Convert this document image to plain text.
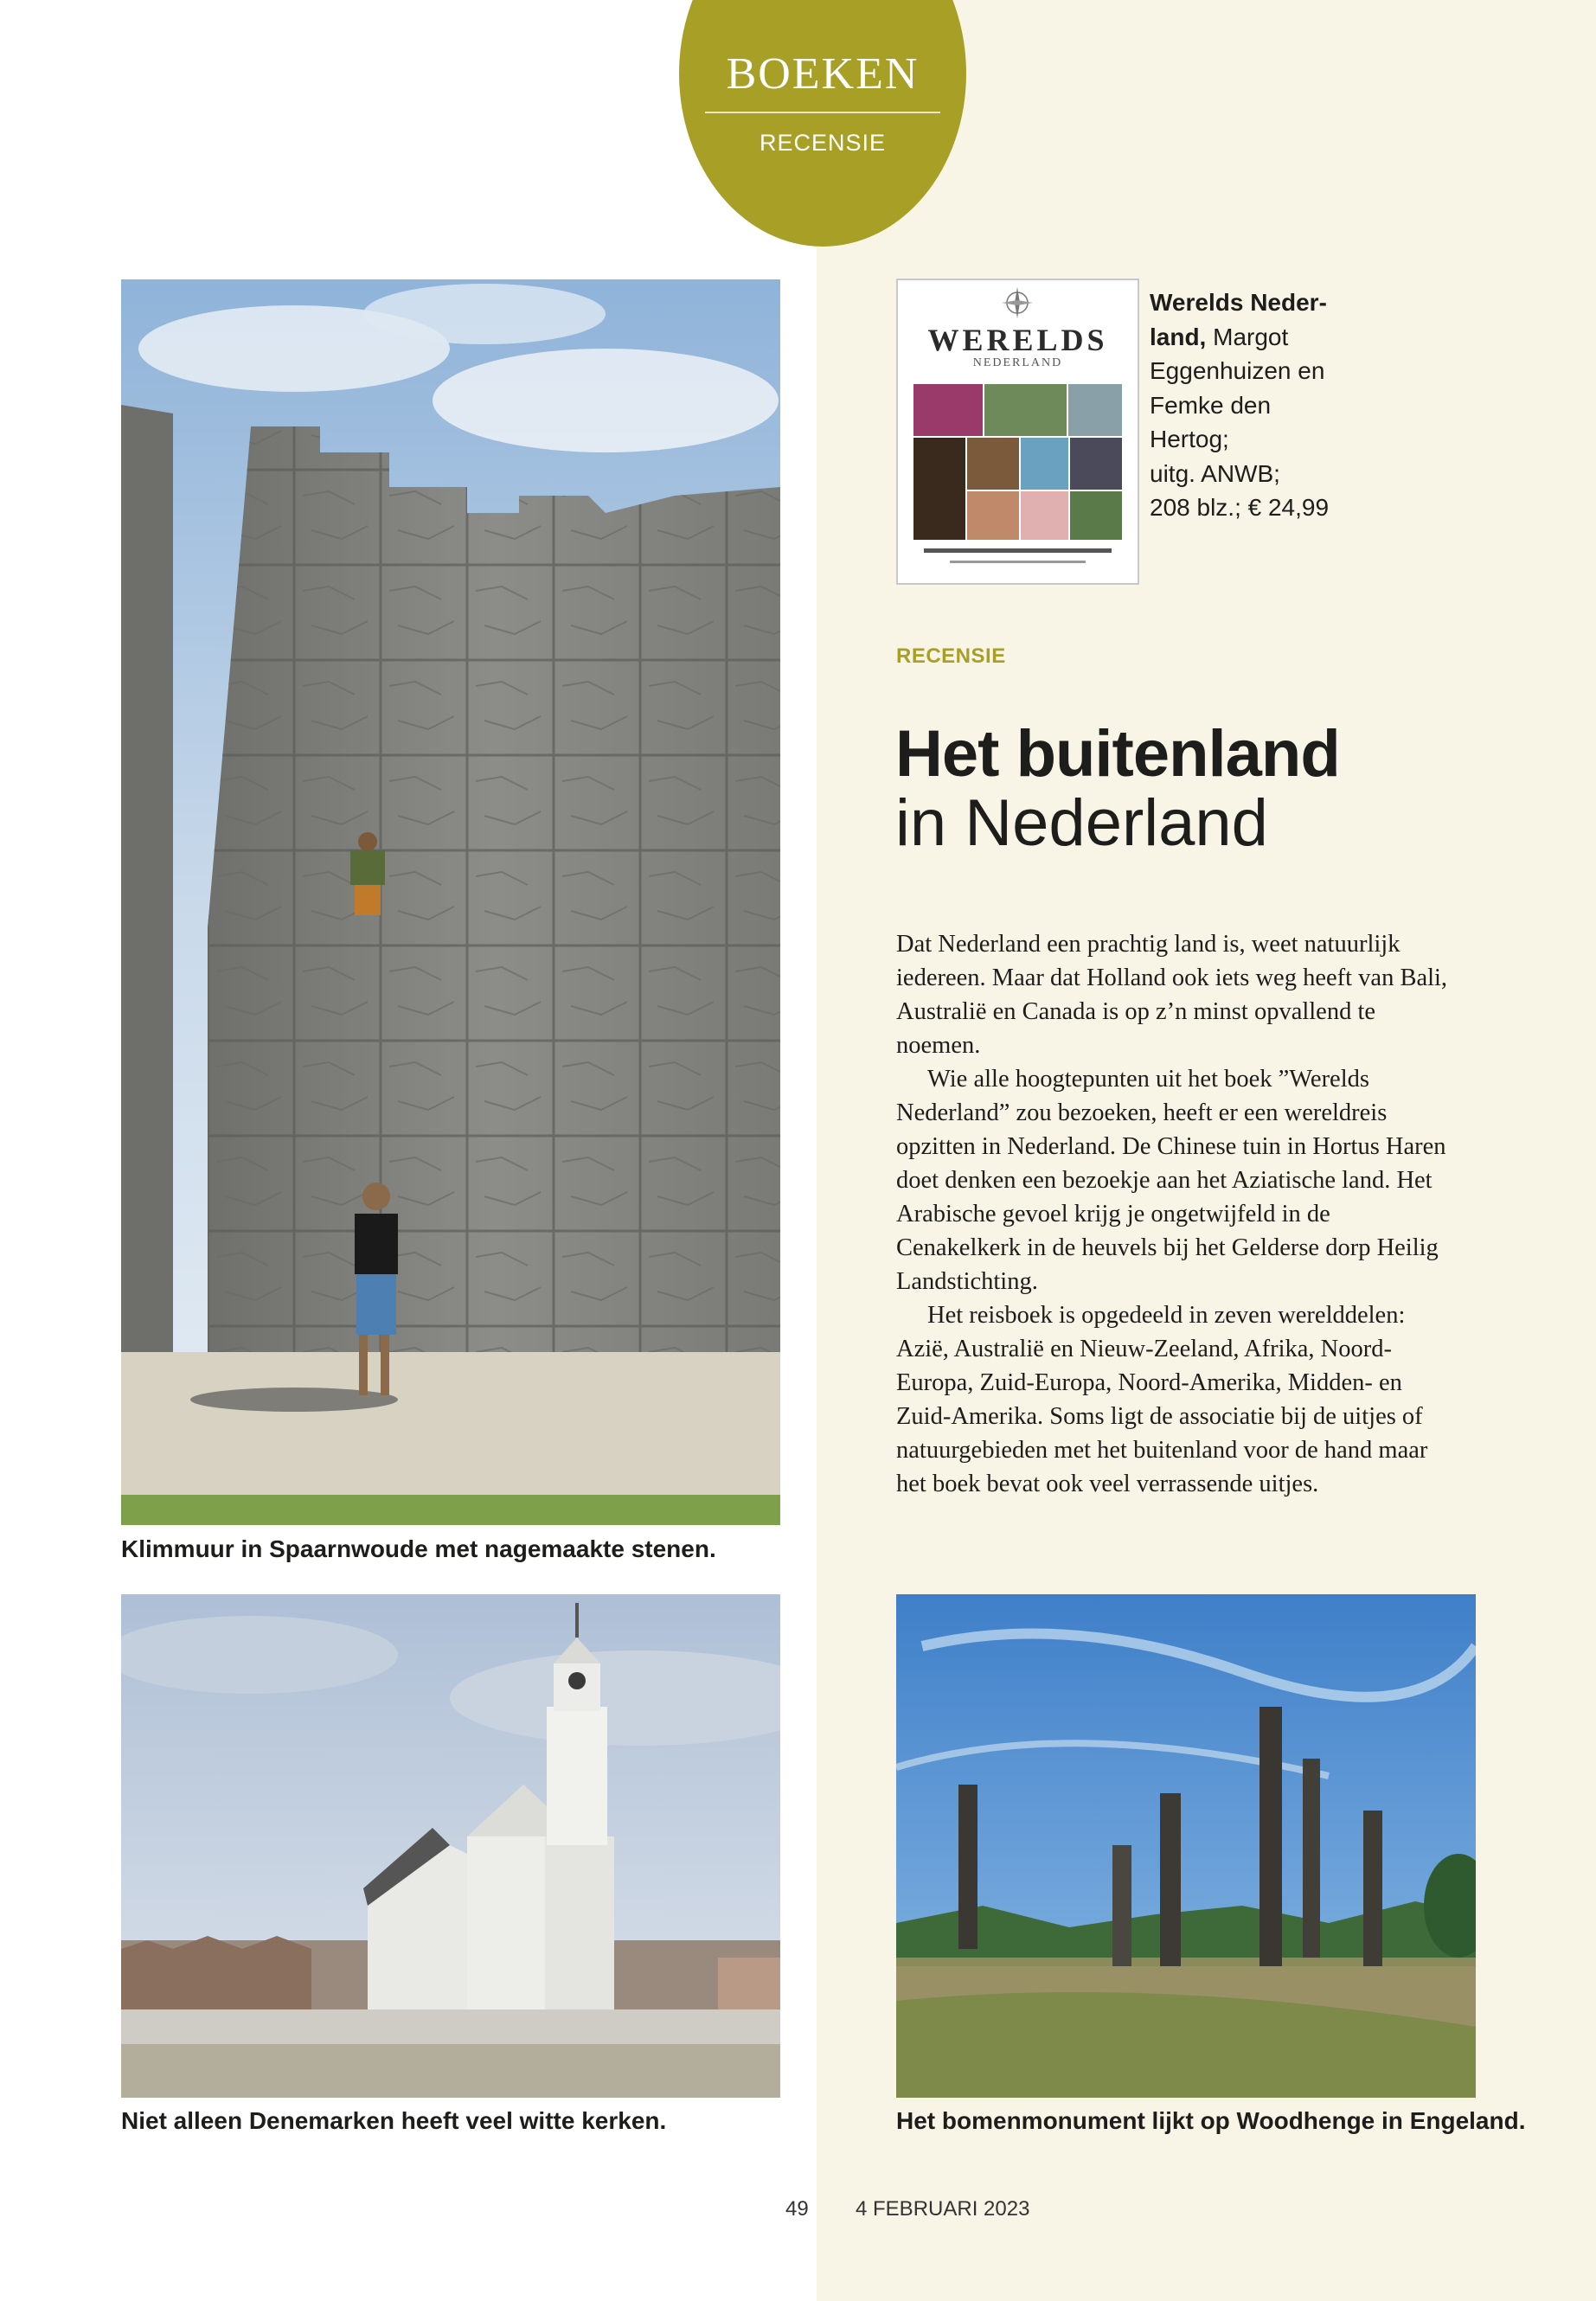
BOEKEN
RECENSIE
Klimmuur in Spaarnwoude met nagemaakte stenen.
Niet alleen Denemarken heeft veel witte kerken.
WERELDS
NEDERLAND
Werelds Neder-land, Margot Eggenhuizen en Femke den Hertog;
uitg. ANWB;
208 blz.; € 24,99
RECENSIE
Het buitenland
in Nederland

Dat Nederland een prachtig land is, weet natuurlijk iedereen. Maar dat Holland ook iets weg heeft van Bali, Australië en Canada is op z’n minst opvallend te noemen.

Wie alle hoogtepunten uit het boek ”Werelds Nederland” zou bezoeken, heeft er een wereldreis opzitten in Nederland. De Chinese tuin in Hortus Haren doet denken een bezoekje aan het Aziatische land. Het Arabische gevoel krijg je ongetwijfeld in de Cenakelkerk in de heuvels bij het Gelderse dorp Heilig Landstichting.

Het reisboek is opgedeeld in zeven werelddelen: Azië, Australië en Nieuw-Zeeland, Afrika, Noord-Europa, Zuid-Europa, Noord-Amerika, Midden- en Zuid-Amerika. Soms ligt de associatie bij de uitjes of natuurgebieden met het buitenland voor de hand maar het boek bevat ook veel verrassende uitjes.

Het bomenmonument lijkt op Woodhenge in Engeland.
49 4 FEBRUARI 2023
